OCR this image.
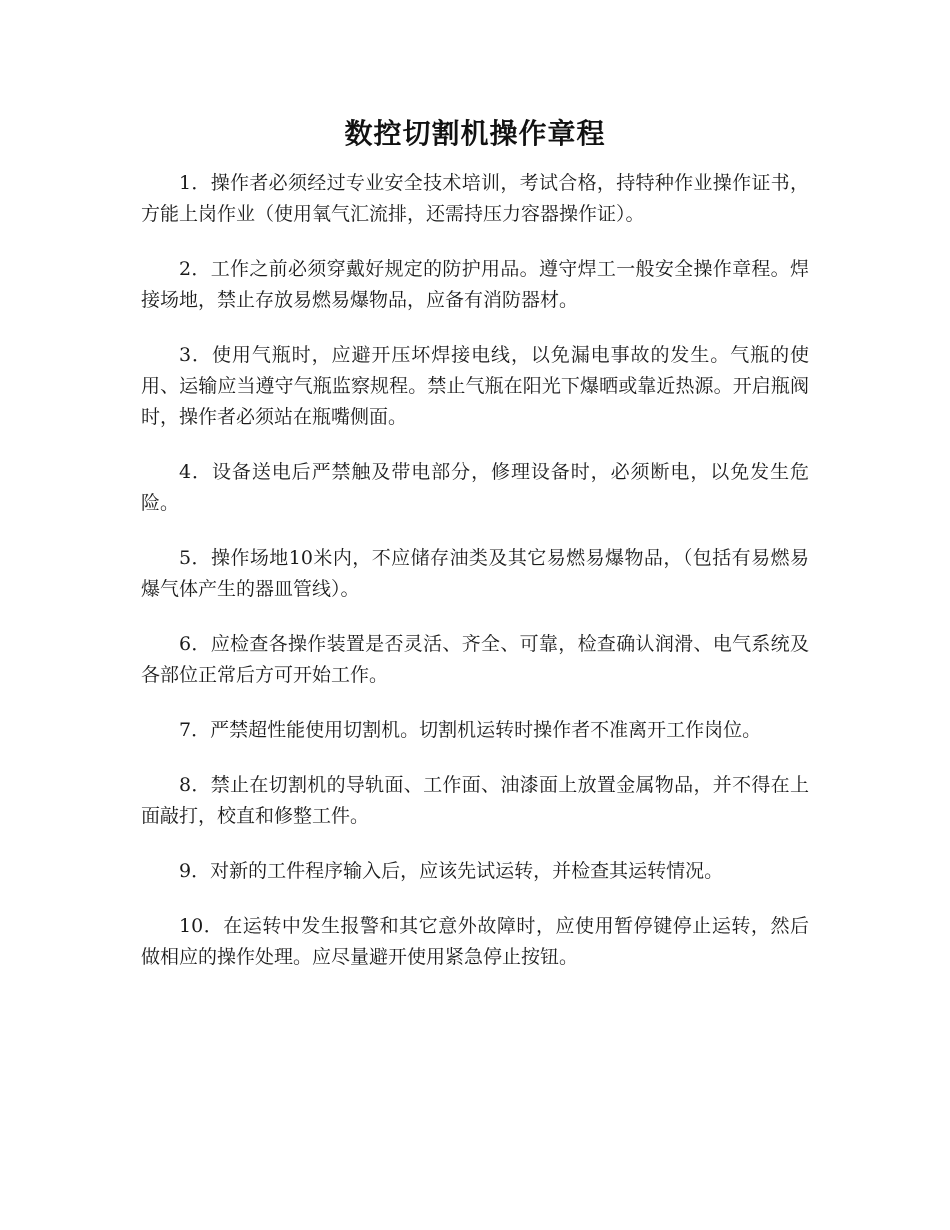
数控切割机操作章程

1．操作者必须经过专业安全技术培训，考试合格，持特种作业操作证书，方能上岗作业（使用氧气汇流排，还需持压力容器操作证）。

2．工作之前必须穿戴好规定的防护用品。遵守焊工一般安全操作章程。焊接场地，禁止存放易燃易爆物品，应备有消防器材。

3．使用气瓶时，应避开压坏焊接电线，以免漏电事故的发生。气瓶的使用、运输应当遵守气瓶监察规程。禁止气瓶在阳光下爆晒或靠近热源。开启瓶阀时，操作者必须站在瓶嘴侧面。

4．设备送电后严禁触及带电部分，修理设备时，必须断电，以免发生危险。

5．操作场地10米内，不应储存油类及其它易燃易爆物品，（包括有易燃易爆气体产生的器皿管线）。

6．应检查各操作装置是否灵活、齐全、可靠，检查确认润滑、电气系统及各部位正常后方可开始工作。

7．严禁超性能使用切割机。切割机运转时操作者不准离开工作岗位。

8．禁止在切割机的导轨面、工作面、油漆面上放置金属物品，并不得在上面敲打，校直和修整工件。

9．对新的工件程序输入后，应该先试运转，并检查其运转情况。

10．在运转中发生报警和其它意外故障时，应使用暂停键停止运转，然后做相应的操作处理。应尽量避开使用紧急停止按钮。
